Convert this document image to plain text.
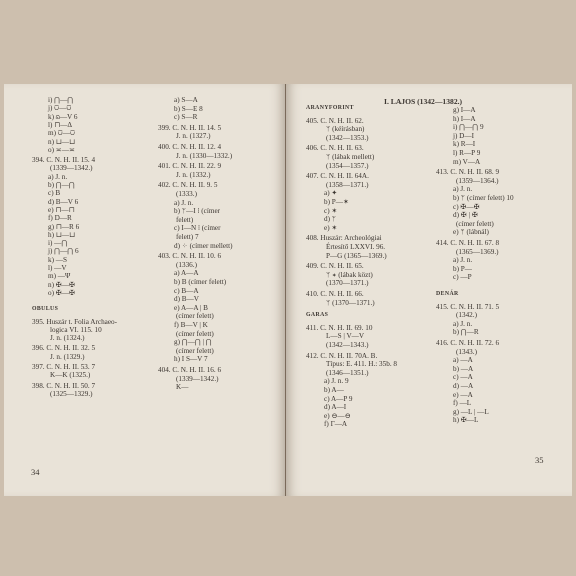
i) ⋂—⋂
j) ⩂—⩂
k) ⩄—V 6
l) ⊓—Δ
m) ⩂—⩂
n) ⊔—⊔
o) ≍—≍
394. C. N. H. II. 15. 4
(1339—1342.)
a) J. n.
b) ⋂—⋂
c) B
d) B—V 6
e) ⊓—⊓
f) D—R
g) ⊓—R 6
h) ⊔—⊔
i) —⋂
j) ⋂—⋂ 6
k) —S
l) —V
m) —Ψ
n) ✠—✠
o) ✠—✠
OBULUS
395. Huszár t. Folia Archaeo-
logica VI. 115. 10
J. n. (1324.)
396. C. N. H. II. 32. 5
J. n. (1329.)
397. C. N. H. II. 53. 7
K—K (1325.)
398. C. N. H. II. 50. 7
(1325—1329.)
a) S—A
b) S—E 8
c) S—R
399. C. N. H. II. 14. 5
J. n. (1327.)
400. C. N. H. II. 12. 4
J. n. (1330—1332.)
401. C. N. H. II. 22. 9
J. n. (1332.)
402. C. N. H. II. 9. 5
(1333.)
a) J. n.
b) ᛘ—I ⁞ (címer
felett)
c) I—N ⁞ (címer
felett) 7
d) ⁘ (címer mellett)
403. C. N. H. II. 10. 6
(1336.)
a) A—A
b) B (címer felett)
c) B—A
d) B—V
e) A—A | B
(címer felett)
f) B—V | K
(címer felett)
g) ⋂—⋂ | ⋂
(címer felett)
h) I S—V 7
404. C. N. H. II. 16. 6
(1339—1342.)
K—
34
I. LAJOS (1342—1382.)
ARANYFORINT
405. C. N. H. II. 62.
ᛘ (kéírásban)
(1342—1353.)
406. C. N. H. II. 63.
ᛘ (lábak mellett)
(1354—1357.)
407. C. N. H. II. 64A.
(1358—1371.)
a) ✦
b) P—✶
c) ✶
d) ᛘ
e) ✶
408. Huszár: Archeológiai
Értesítő LXXVI. 96.
P—G (1365—1369.)
409. C. N. H. II. 65.
ᛘ ✶ (lábak közt)
(1370—1371.)
410. C. N. H. II. 66.
ᛘ (1370—1371.)
GARAS
411. C. N. H. II. 69. 10
L—S | V—V
(1342—1343.)
412. C. N. H. II. 70A. B.
Típus: E. 411. H.: 35b. 8
(1346—1351.)
a) J. n. 9
b) A—
c) A—P 9
d) A—I
e) ⊖—⊖
f) Γ—A
g) I—A
h) I—A
i) ⋂—⋂ 9
j) D—I
k) R—I
l) R—P 9
m) V—A
413. C. N. H. II. 68. 9
(1359—1364.)
a) J. n.
b) ᛘ (címer felett) 10
c) ✠—✠
d) ✠ | ✠
(címer felett)
e) ᛘ (lábnál)
414. C. N. H. II. 67. 8
(1365—1369.)
a) J. n.
b) P—
c) —P
DENÁR
415. C. N. H. II. 71. 5
(1342.)
a) J. n.
b) ⋂—R
416. C. N. H. II. 72. 6
(1343.)
a) —A
b) —A
c) —A
d) —A
e) —A
f) —L
g) —L | —L
h) ✠—L
35
